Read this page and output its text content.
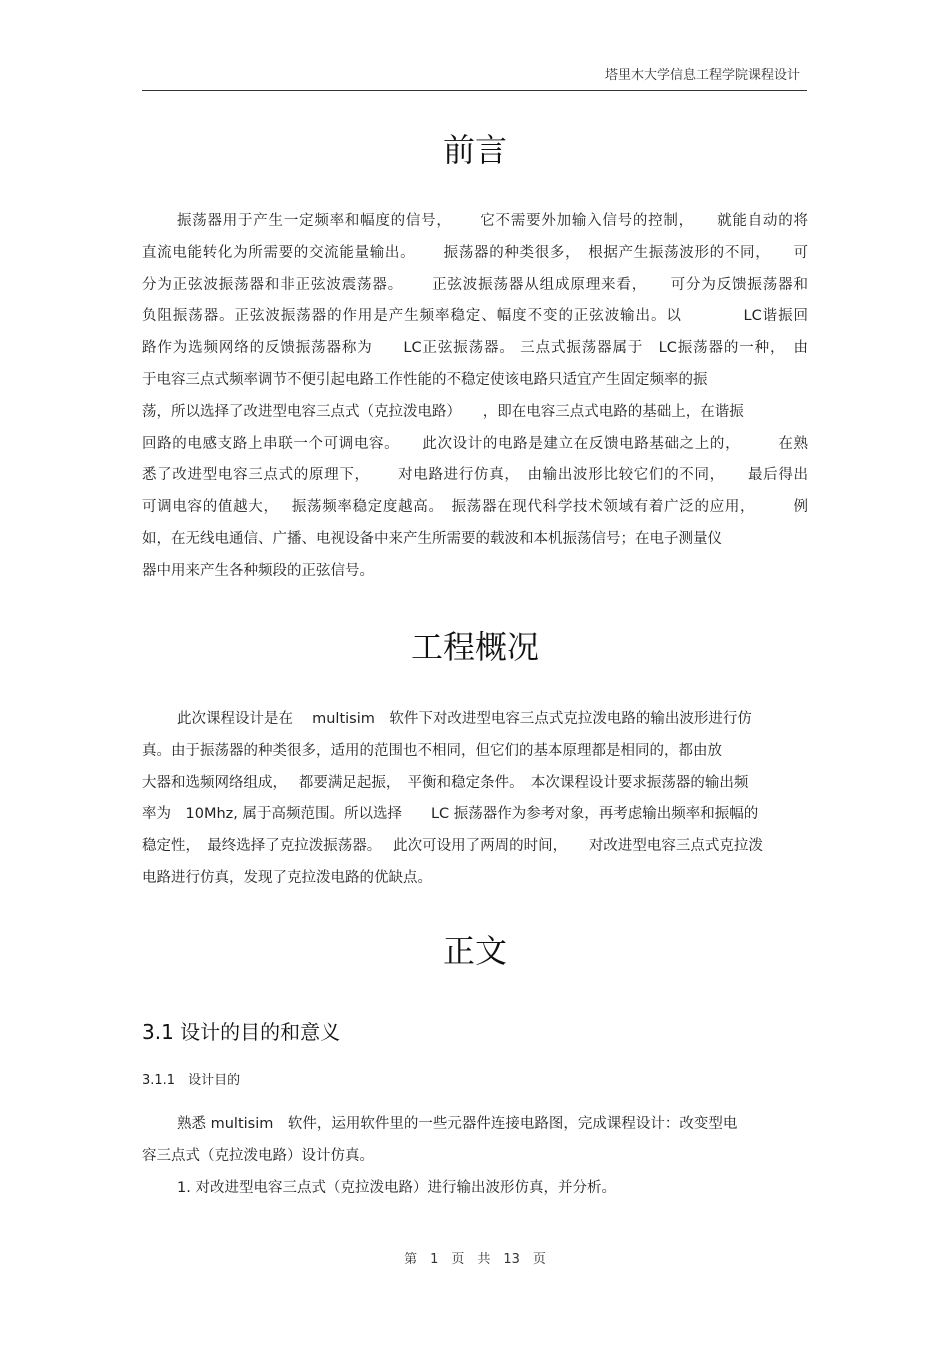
塔里木大学信息工程学院课程设计
前言
振荡器用于产生一定频率和幅度的信号，　　 它不需要外加输入信号的控制，　　就能自动的将
直流电能转化为所需要的交流能量输出。　　 振荡器的种类很多，　根据产生振荡波形的不同，　　可
分为正弦波振荡器和非正弦波震荡器。　　 正弦波振荡器从组成原理来看，　　可分为反馈振荡器和
负阻振荡器。正弦波振荡器的作用是产生频率稳定、幅度不变的正弦波输出。以　　　　LC谐振回
路作为选频网络的反馈振荡器称为　　LC正弦振荡器。 三点式振荡器属于　LC振荡器的一种，　由
于电容三点式频率调节不便引起电路工作性能的不稳定使该电路只适宜产生固定频率的振
荡，所以选择了改进型电容三点式（克拉泼电路）　　，即在电容三点式电路的基础上，在谐振
回路的电感支路上串联一个可调电容。　　此次设计的电路是建立在反馈电路基础之上的，　　　在熟
悉了改进型电容三点式的原理下，　　 对电路进行仿真，　由输出波形比较它们的不同，　　最后得出
可调电容的值越大，　 振荡频率稳定度越高。　振荡器在现代科学技术领域有着广泛的应用，　　　例
如，在无线电通信、广播、电视设备中来产生所需要的载波和本机振荡信号；在电子测量仪
器中用来产生各种频段的正弦信号。
工程概况
此次课程设计是在　 multisim　软件下对改进型电容三点式克拉泼电路的输出波形进行仿
真。由于振荡器的种类很多，适用的范围也不相同，但它们的基本原理都是相同的，都由放
大器和选频网络组成，　 都要满足起振，　平衡和稳定条件。　本次课程设计要求振荡器的输出频
率为　10Mhz, 属于高频范围。所以选择　　LC 振荡器作为参考对象，再考虑输出频率和振幅的
稳定性，　最终选择了克拉泼振荡器。　 此次可设用了两周的时间，　　对改进型电容三点式克拉泼
电路进行仿真，发现了克拉泼电路的优缺点。
正文
3.1 设计的目的和意义
3.1.1　设计目的
熟悉 multisim　软件，运用软件里的一些元器件连接电路图，完成课程设计：改变型电
容三点式（克拉泼电路）设计仿真。
1. 对改进型电容三点式（克拉泼电路）进行输出波形仿真，并分析。
第　1　页　共　13　页
